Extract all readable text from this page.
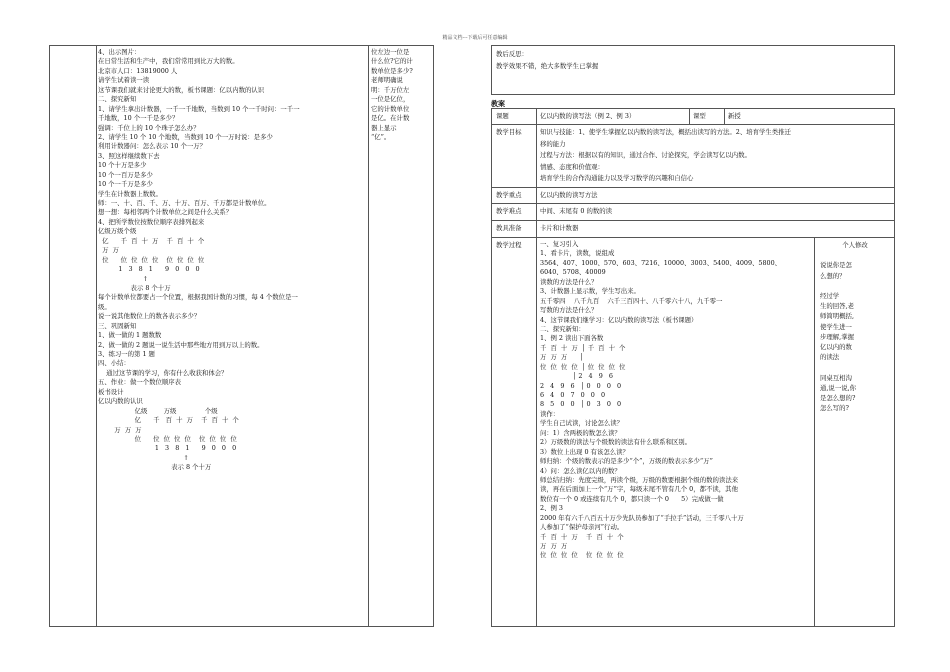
精品文档---下载后可任意编辑
4、出示图片：
在日常生活和生产中，我们常常用到比万大的数。
北京市人口：13819000 人
请学生试着读一读
这节课我们就来讨论更大的数，板书课题：亿以内数的认识
二、探究新知
1、请学生拿出计数器，一千一千地数，当数到 10 个一千时问：一千一
千地数，10 个一千是多少？
强调：千位上的 10 个珠子怎么办？
2、请学生 10 个 10 个地数，当数到 10 个一万时说：是多少
利用计数器问：怎么表示 10 个一万？
3、照这样继续数下去
10 个十万是多少
10 个一百万是多少
10 个一千万是多少
学生在计数器上数数。
师：一、十、百、千、万、十万、百万、千万都是计数单位。
想一想：每相邻两个计数单位之间是什么关系？
4、把所学数位按数位顺序表排列起来
亿级万级个级
亿      千  百  十  万    千  百  十  个
万  万
位      位  位  位  位    位  位  位  位
1   3   8   1      9   0   0   0
↑
表示 8 个十万
每个计数单位都要占一个位置，根据我国计数的习惯，每 4 个数位是一
级。
说一说其他数位上的数各表示多少？
三、巩固新知
1、做一做的 1 题数数
2、做一做的 2 题说一说生活中那些地方用到万以上的数。
3、练习一的第 1 题
四、小结：
通过这节课的学习，你有什么收获和体会？
五、作业：做一个数位顺序表
板书设计
亿以内数的认识
亿级        万级              个级
亿      千   百  十  万    千  百  十  个
万  万  万
位      位  位  位  位    位  位  位  位
1   3   8   1      9   0   0   0
↑
表示 8 个十万
位左边一位是
什么位?它的计
数单位是多少?
老师明确说
明：千万位左
一位是亿位，
它的计数单位
是亿。在计数
器上显示
“亿”。
教后反思：
教学效果不错，绝大多数学生已掌握
教案
课题	亿以内数的读写法（例 2、例 3）	课型	新授
教学目标	知识与技能：1、使学生掌握亿以内数的读写法，概括出读写的方法。2、培育学生类推迁
移的能力
过程与方法：根据以有的知识，通过合作、讨论探究，学会读写亿以内数。
情感、态度和价值观：
培育学生的合作沟通能力以及学习数学的兴趣和自信心
教学重点	亿以内数的读写方法
教学难点	中间、末尾有 0 的数的读
教具准备	卡片和计数器
教学过程	一、复习引入
1、看卡片，读数，说组成
3564、407、1000、570、603、7216、10000、3003、5400、4009、5800、
6040、5708、40009
读数的方法是什么？
3、计数器上显示数，学生写出来。
五千零四    八千九百    六千三百四十、八千零六十八，九千零一
写数的方法是什么？
4、这节课我们继学习：亿以内数的读写法（板书课题）
二、探究新知：
1、例 2 读出下面各数
千  百  十  万  │ 千  百  十  个
万  万  万      │
位  位  位  位  │ 位  位  位  位
│ 2   4   9   6
2   4   9   6   │ 0   0   0   0
6   4   0   7   0   0   0
8   5   0   0   │ 0   3   0   0
读作：
学生自己试读，讨论怎么读？
问：1）含两极的数怎么读？
2）万级数的读法与个级数的读法有什么联系和区别。
3）数位上出现 0 有该怎么读？
师归纳：个级的数表示的是多少“个”，万级的数表示多少“万”
4）问：怎么读亿以内的数？
师总结归纳：先度完级，再读个级，万级的数要根据个级的数的读法来
读，再在后面加上一个“万”字，每级末尾不管有几个 0，都不读，其他
数位有一个 0 或连续有几个 0，都只读一个 0      5）完成做一做
2、例 3
2000 年有六千八百五十万少先队员参加了“手拉手”活动，三千零八十万
人参加了“保护母亲河”行动。
千  百  十  万    千  百  十  个
万  万  万
位  位  位  位    位  位  位  位
个人修改

说说你是怎
么想的？

经过学
生的回答,老
师简明概括,
使学生进一
步理解,掌握
亿以内的数
的读法

同桌互相沟
通,说一说,你
是怎么想的?
怎么写的?
